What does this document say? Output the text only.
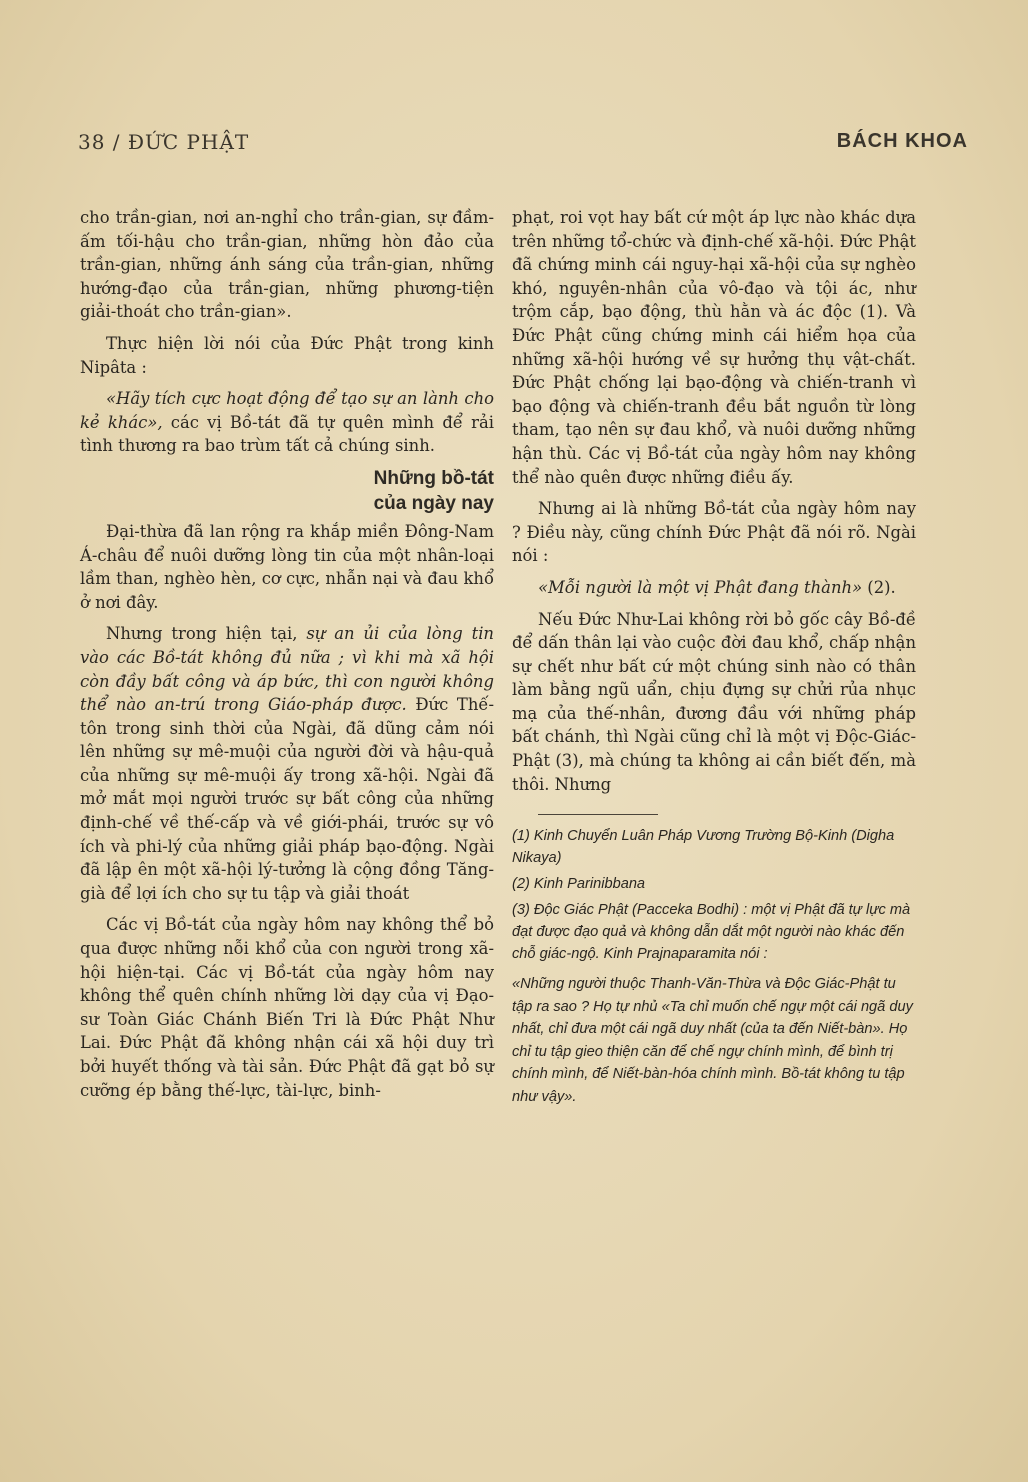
38 / ĐỨC PHẬT	BÁCH KHOA

cho trần-gian, nơi an-nghỉ cho trần-gian, sự đầm-ấm tối-hậu cho trần-gian, những hòn đảo của trần-gian, những ánh sáng của trần-gian, những hướng-đạo của trần-gian, những phương-tiện giải-thoát cho trần-gian».

Thực hiện lời nói của Đức Phật trong kinh Nipâta :

«Hãy tích cực hoạt động để tạo sự an lành cho kẻ khác», các vị Bồ-tát đã tự quên mình để rải tình thương ra bao trùm tất cả chúng sinh.

Những bồ-tát
của ngày nay

Đại-thừa đã lan rộng ra khắp miền Đông-Nam Á-châu để nuôi dưỡng lòng tin của một nhân-loại lầm than, nghèo hèn, cơ cực, nhẫn nại và đau khổ ở nơi đây.

Nhưng trong hiện tại, sự an ủi của lòng tin vào các Bồ-tát không đủ nữa ; vì khi mà xã hội còn đầy bất công và áp bức, thì con người không thể nào an-trú trong Giáo-pháp được. Đức Thế-tôn trong sinh thời của Ngài, đã dũng cảm nói lên những sự mê-muội của người đời và hậu-quả của những sự mê-muội ấy trong xã-hội. Ngài đã mở mắt mọi người trước sự bất công của những định-chế về thế-cấp và về giới-phái, trước sự vô ích và phi-lý của những giải pháp bạo-động. Ngài đã lập ên một xã-hội lý-tưởng là cộng đồng Tăng-già để lợi ích cho sự tu tập và giải thoát

Các vị Bồ-tát của ngày hôm nay không thể bỏ qua được những nỗi khổ của con người trong xã-hội hiện-tại. Các vị Bồ-tát của ngày hôm nay không thể quên chính những lời dạy của vị Đạo-sư Toàn Giác Chánh Biến Tri là Đức Phật Như Lai. Đức Phật đã không nhận cái xã hội duy trì bởi huyết thống và tài sản. Đức Phật đã gạt bỏ sự cưỡng ép bằng thế-lực, tài-lực, binh-

phạt, roi vọt hay bất cứ một áp lực nào khác dựa trên những tổ-chức và định-chế xã-hội. Đức Phật đã chứng minh cái nguy-hại xã-hội của sự nghèo khó, nguyên-nhân của vô-đạo và tội ác, như trộm cắp, bạo động, thù hằn và ác độc (1). Và Đức Phật cũng chứng minh cái hiểm họa của những xã-hội hướng về sự hưởng thụ vật-chất. Đức Phật chống lại bạo-động và chiến-tranh vì bạo động và chiến-tranh đều bắt nguồn từ lòng tham, tạo nên sự đau khổ, và nuôi dưỡng những hận thù. Các vị Bồ-tát của ngày hôm nay không thể nào quên được những điều ấy.

Nhưng ai là những Bồ-tát của ngày hôm nay ? Điều này, cũng chính Đức Phật đã nói rõ. Ngài nói :

«Mỗi người là một vị Phật đang thành» (2).

Nếu Đức Như-Lai không rời bỏ gốc cây Bồ-đề để dấn thân lại vào cuộc đời đau khổ, chấp nhận sự chết như bất cứ một chúng sinh nào có thân làm bằng ngũ uẩn, chịu đựng sự chửi rủa nhục mạ của thế-nhân, đương đầu với những pháp bất chánh, thì Ngài cũng chỉ là một vị Độc-Giác-Phật (3), mà chúng ta không ai cần biết đến, mà thôi. Nhưng

(1) Kinh Chuyển Luân Pháp Vương Trường Bộ-Kinh (Digha Nikaya)

(2) Kinh Parinibbana

(3) Độc Giác Phật (Pacceka Bodhi) : một vị Phật đã tự lực mà đạt được đạo quả và không dẫn dắt một người nào khác đến chỗ giác-ngộ. Kinh Prajnaparamita nói :

«Những người thuộc Thanh-Văn-Thừa và Độc Giác-Phật tu tập ra sao ? Họ tự nhủ «Ta chỉ muốn chế ngự một cái ngã duy nhất, chỉ đưa một cái ngã duy nhất (của ta đến Niết-bàn». Họ chỉ tu tập gieo thiện căn để chế ngự chính mình, để bình trị chính mình, để Niết-bàn-hóa chính mình. Bồ-tát không tu tập như vậy».
